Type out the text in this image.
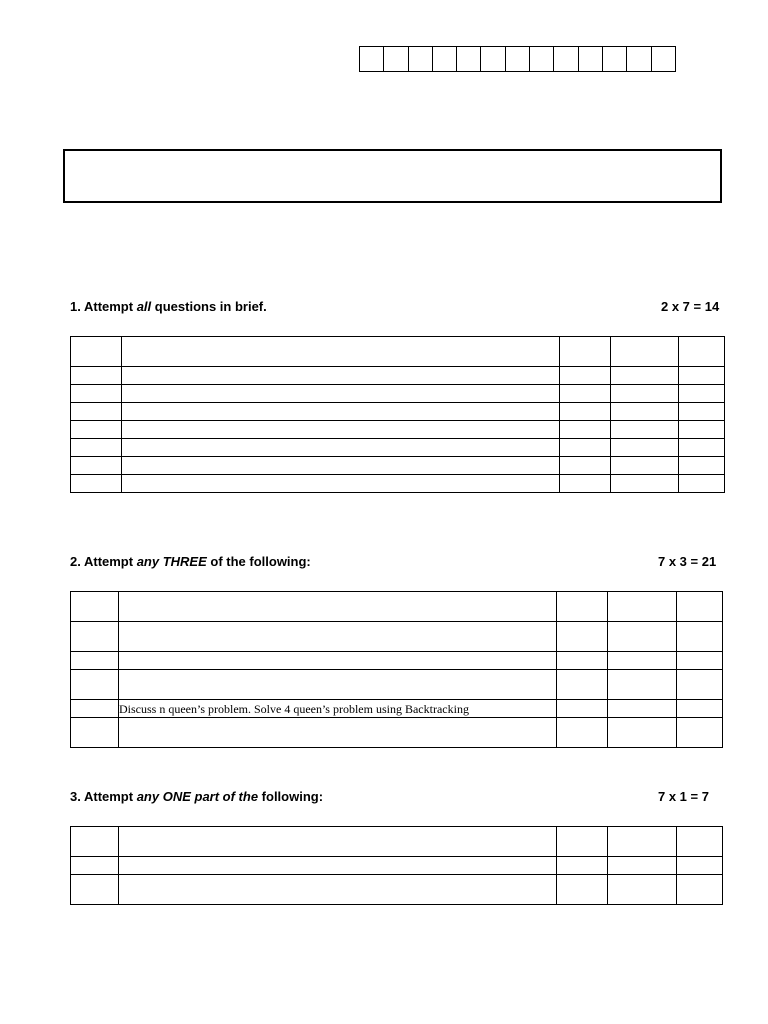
1. Attempt all questions in brief.	2 x 7 = 14

2. Attempt any THREE of the following:	7 x 3 = 21

	Discuss n queen’s problem. Solve 4 queen’s problem using Backtracking			

3. Attempt any ONE part of the following:	7 x 1 = 7
